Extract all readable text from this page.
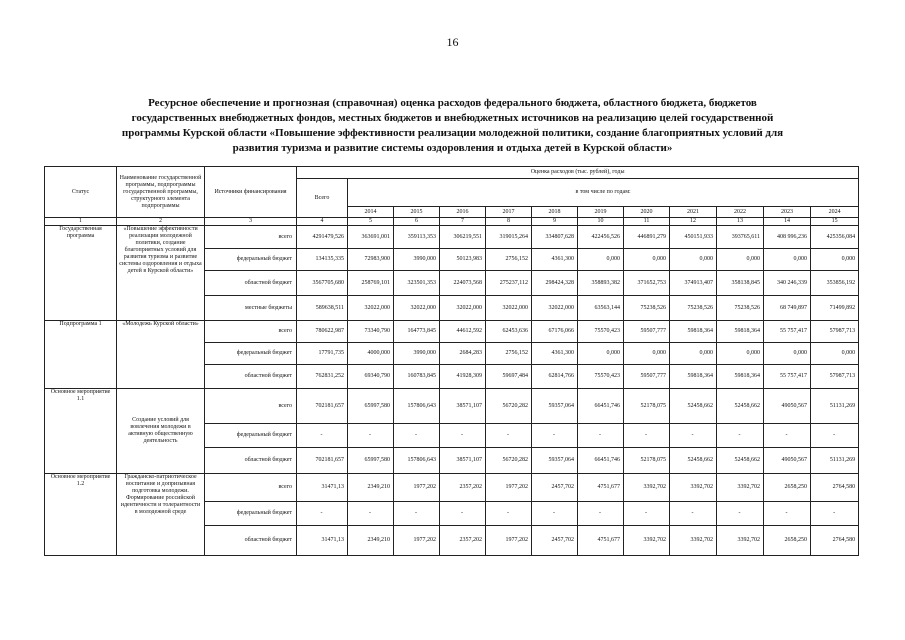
16
Ресурсное обеспечение и прогнозная (справочная) оценка расходов федерального бюджета, областного бюджета, бюджетов
государственных внебюджетных фондов, местных бюджетов и внебюджетных источников на реализацию целей государственной
программы Курской области «Повышение эффективности реализации молодежной политики, создание благоприятных условий для
развития туризма и развитие системы оздоровления и отдыха детей в Курской области»
Статус	Наименование государственной программы, подпрограммы государственной программы, структурного элемента подпрограммы	Источники финансирования	Оценка расходов (тыс. рублей), годы											
			Всего	в том числе по годам:										
				2014	2015	2016	2017	2018	2019	2020	2021	2022	2023	2024
1	2	3	4	5	6	7	8	9	10	11	12	13	14	15
Государственная программа	«Повышение эффективности реализации молодежной политики, создание благоприятных условий для развития туризма и развитие системы оздоровления и отдыха детей в Курской области»	всего	4291479,526	363691,001	359113,353	306219,551	319015,264	334807,628	422456,526	446891,279	450151,933	393765,611	408 996,236	425356,084
		федеральный бюджет	134135,335	72983,900	3990,000	50123,983	2756,152	4361,300	0,000	0,000	0,000	0,000	0,000	0,000
		областной бюджет	3567705,680	258769,101	323501,353	224073,568	275237,112	298424,328	358893,382	371652,753	374913,407	358138,845	340 246,339	353856,192
		местные бюджеты	589638,511	32022,000	32022,000	32022,000	32022,000	32022,000	63563,144	75238,526	75238,526	75238,526	68 749,897	71499,892
Подпрограмма 1	«Молодежь Курской области»	всего	780622,987	73340,790	164773,845	44612,592	62453,636	67176,066	75570,423	59507,777	59818,364	59818,364	55 757,417	57987,713
		федеральный бюджет	17791,735	4000,000	3990,000	2684,283	2756,152	4361,300	0,000	0,000	0,000	0,000	0,000	0,000
		областной бюджет	762831,252	69340,790	160783,845	41928,309	59697,484	62814,766	75570,423	59507,777	59818,364	59818,364	55 757,417	57987,713
Основное мероприятие 1.1	Создание условий для вовлечения молодежи в активную общественную деятельность	всего	702181,657	65997,580	157806,643	38571,107	56720,282	59357,064	66451,746	52178,075	52458,662	52458,662	49050,567	51131,269
		федеральный бюджет	-	-	-	-	-	-	-	-	-	-	-	-
		областной бюджет	702181,657	65997,580	157806,643	38571,107	56720,282	59357,064	66451,746	52178,075	52458,662	52458,662	49050,567	51131,269
Основное мероприятие 1.2	Гражданско-патриотическое воспитание и допризывная подготовка молодежи. Формирование российской идентичности и толерантности в молодежной среде	всего	31471,13	2349,210	1977,202	2357,202	1977,202	2457,702	4751,677	3392,702	3392,702	3392,702	2658,250	2764,580
		федеральный бюджет	-	-	-	-	-	-	-	-	-	-	-	-
		областной бюджет	31471,13	2349,210	1977,202	2357,202	1977,202	2457,702	4751,677	3392,702	3392,702	3392,702	2658,250	2764,580
